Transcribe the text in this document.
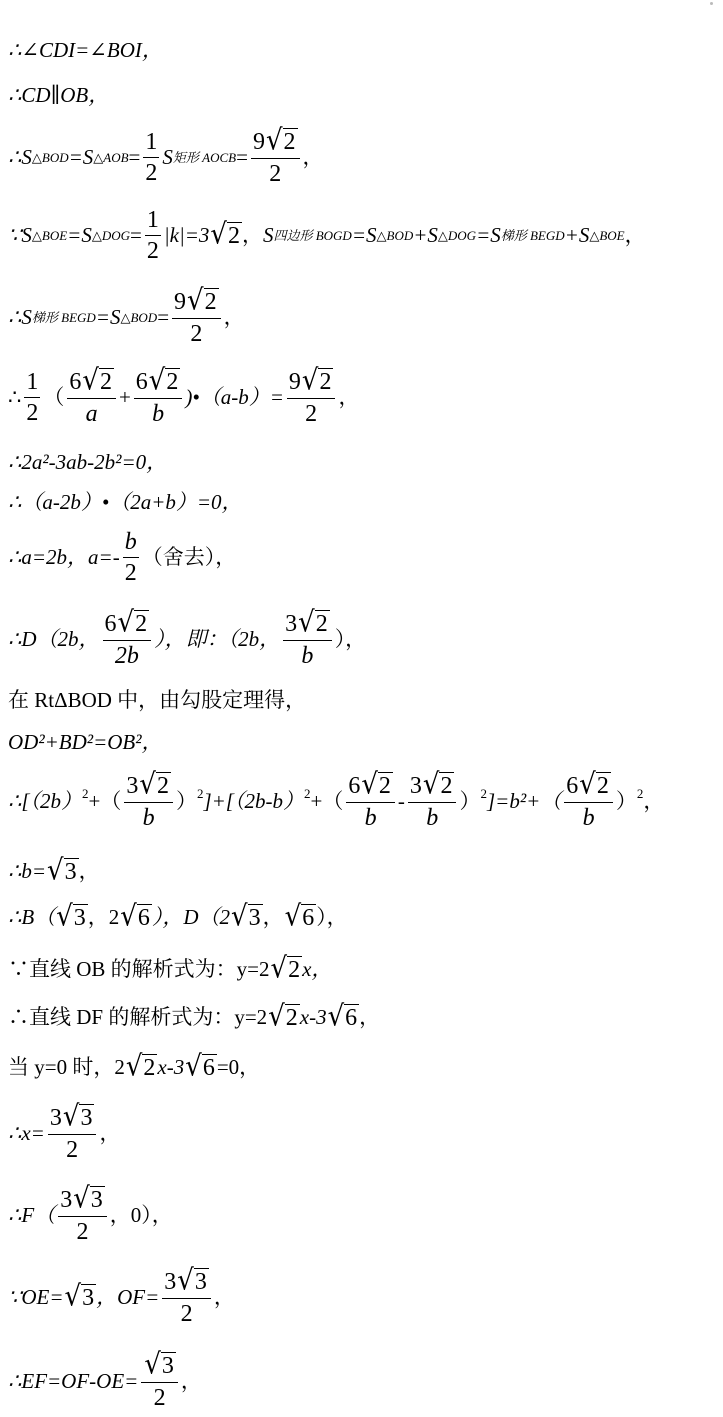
∴∠CDI=∠BOI，
∴CD∥OB，
∴S △BOD =S △AOB = $\frac{1}{2}$ S 矩形 AOCB = $\frac{9 √ 2}{2}$ ，
∵S △BOE =S △DOG = $\frac{1}{2} |k|=3$ √ 2 ， S 四边形 BOGD =S △BOD +S △DOG =S 梯形 BEGD +S △BOE ，
∴S 梯形 BEGD =S △BOD = $\frac{9 √ 2}{2}$ ，
∴ $\frac{1}{2}$ （ $\frac{6 √ 2}{a} + \frac{6 √ 2}{b}$ )•（a-b）= $\frac{9 √ 2}{2}$ ，
∴2a²-3ab-2b²=0，
∴（a-2b）•（2a+b）=0，
∴a=2b，$a=- \frac{b}{2}$ （舍去），
∴D（2b， $\frac{6 √ 2}{2b}$ ），即：（2b， $\frac{3 √ 2}{b}$ ），
在 RtΔBOD 中，由勾股定理得，
OD²+BD²=OB²，
∴[（2b） 2 +（ $\frac{3 √ 2}{b}$ ） 2 ]+[（2b-b） 2 +（ $\frac{6 √ 2}{b} - \frac{3 √ 2}{b}$ ） 2 ]$=b^2+( \frac{6 √ 2}{b}$ ） 2 ，
∴b= √ 3 ，
∴B（ √ 3 ，2 √ 6 ），D（2 √ 3 ， √ 6 ），
∵直线 OB 的解析式为：y=2 √ 2 x，
∴直线 DF 的解析式为：y=2 √ 2 x-3 √ 6 ，
当 y=0 时，2 √ 2 x-3 √ 6 =0，
∴x= $\frac{3 √ 3}{2}$ ，
∴F（ $\frac{3 √ 3}{2}$ ，0），
∵OE= √ 3 ，$OF= \frac{3 √ 3}{2}$ ，
∴EF=OF-OE= $\frac{√ 3}{2}$ ，
